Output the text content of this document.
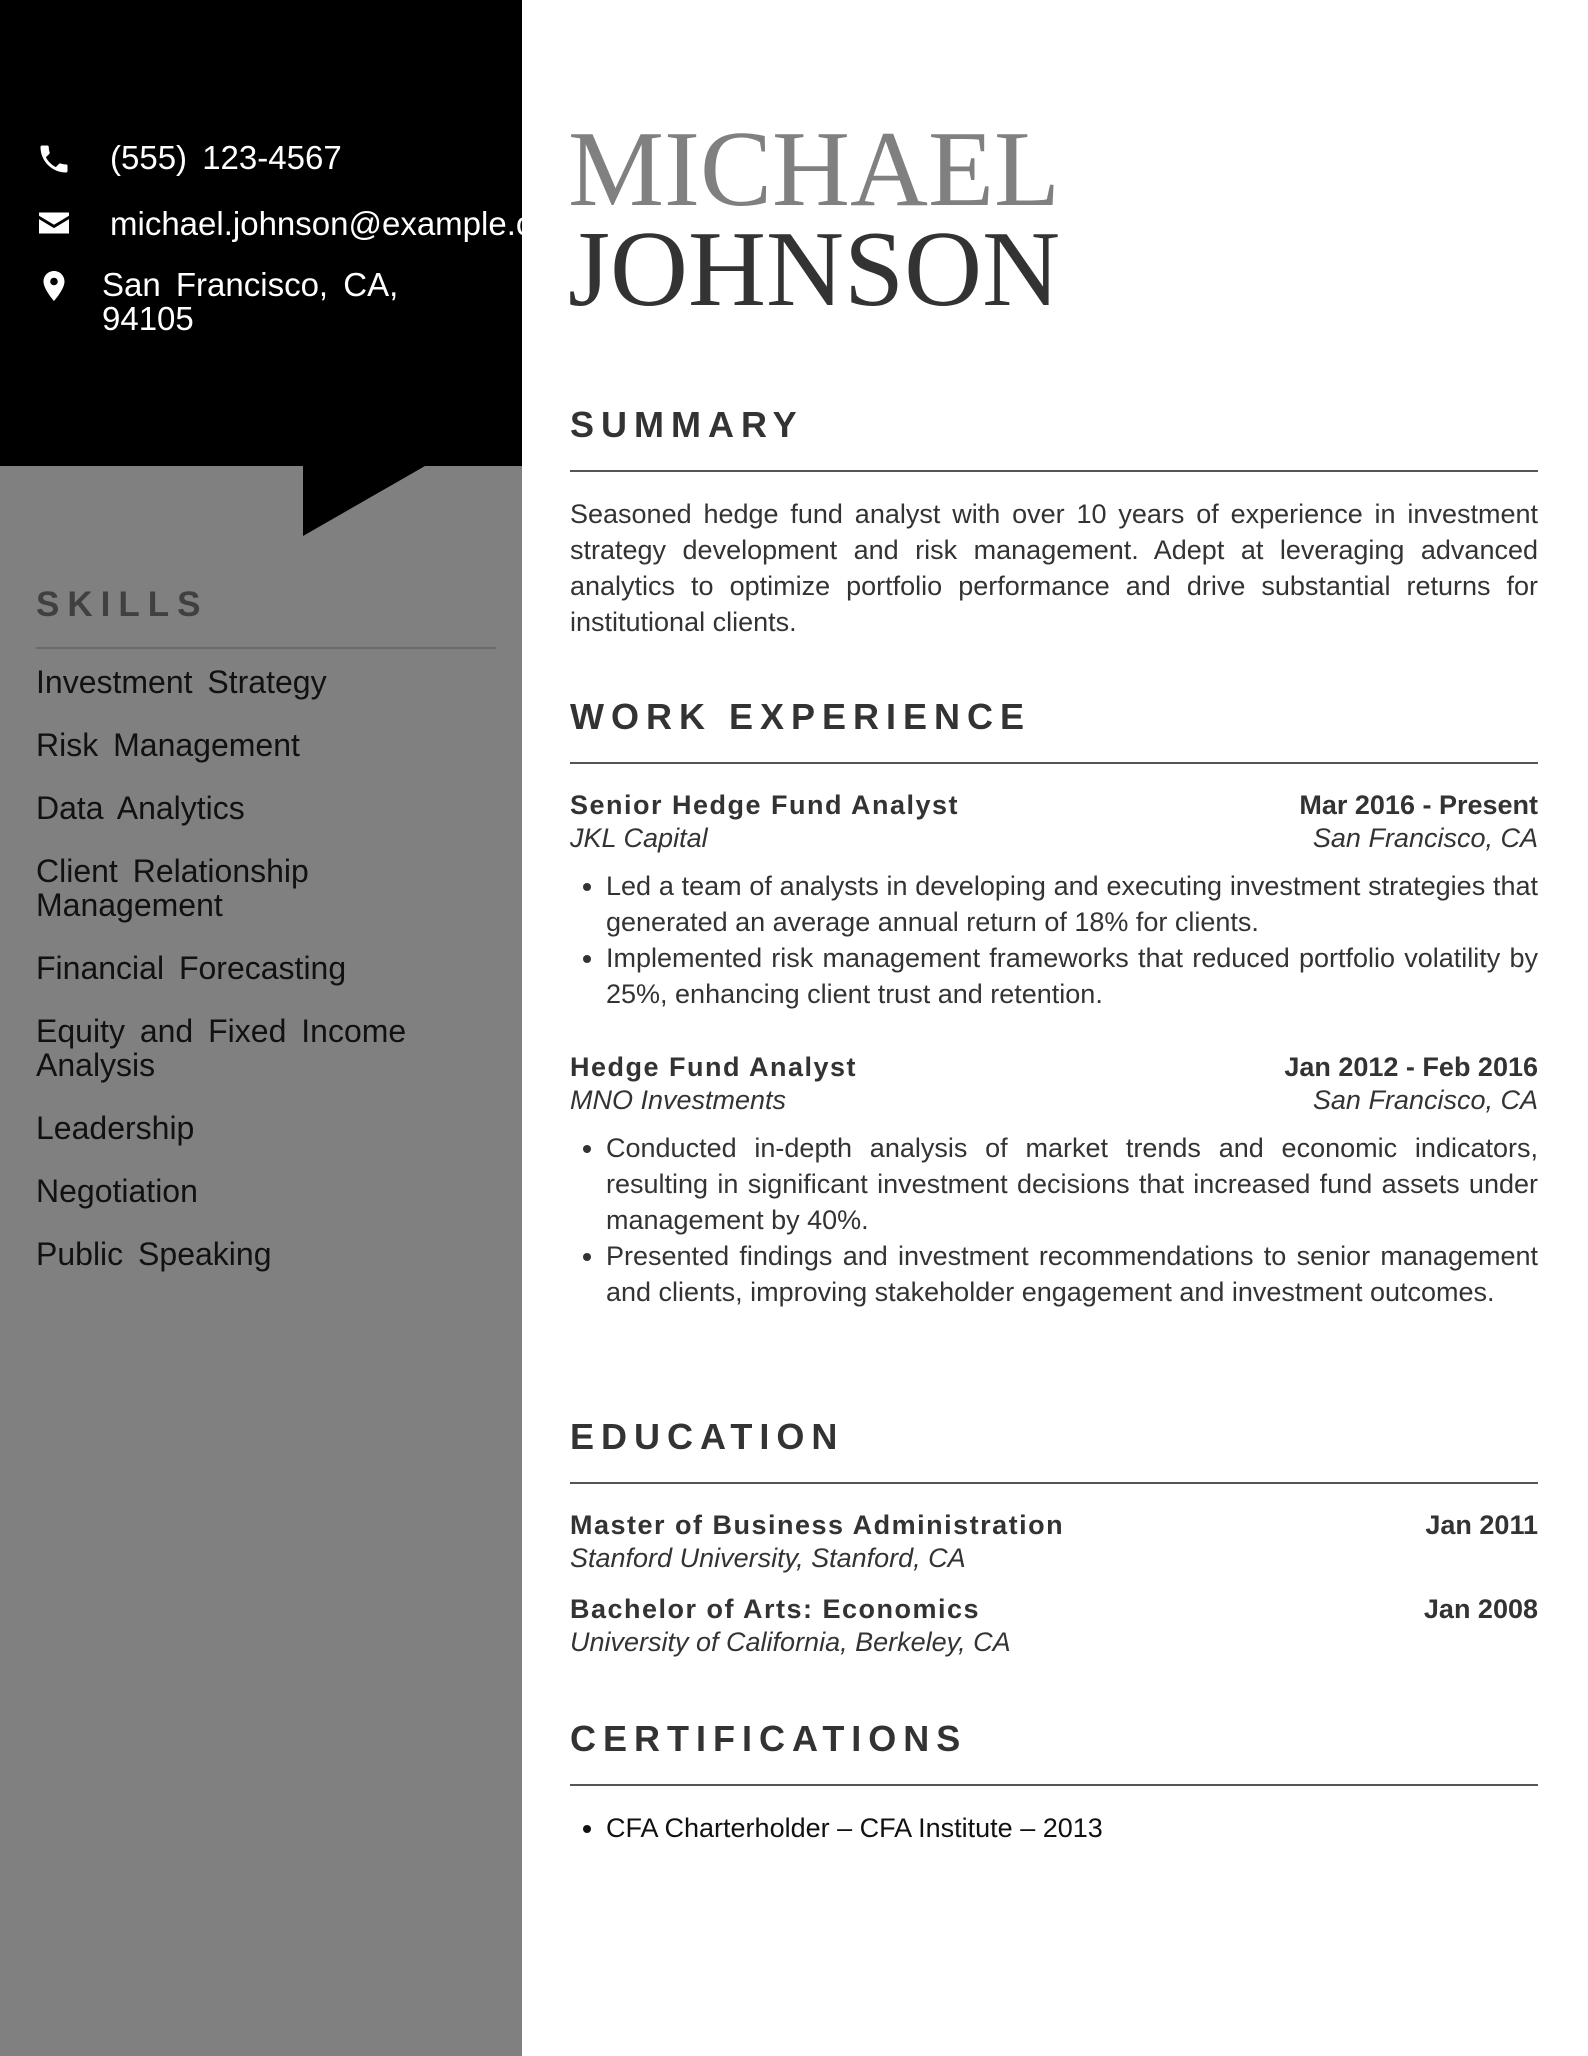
(555) 123-4567
michael.johnson@example.com
San Francisco, CA,
94105
SKILLS
Investment Strategy
Risk Management
Data Analytics
Client Relationship Management
Financial Forecasting
Equity and Fixed Income Analysis
Leadership
Negotiation
Public Speaking
MICHAEL
JOHNSON
SUMMARY

Seasoned hedge fund analyst with over 10 years of experience in investment strategy development and risk management. Adept at leveraging advanced analytics to optimize portfolio performance and drive substantial returns for institutional clients.

WORK EXPERIENCE
Senior Hedge Fund Analyst	Mar 2016 - Present
JKL Capital	San Francisco, CA
• Led a team of analysts in developing and executing investment strategies that generated an average annual return of 18% for clients.
• Implemented risk management frameworks that reduced portfolio volatility by 25%, enhancing client trust and retention.
Hedge Fund Analyst	Jan 2012 - Feb 2016
MNO Investments	San Francisco, CA
• Conducted in-depth analysis of market trends and economic indicators, resulting in significant investment decisions that increased fund assets under management by 40%.
• Presented findings and investment recommendations to senior management and clients, improving stakeholder engagement and investment outcomes.
EDUCATION
Master of Business Administration	Jan 2011
Stanford University, Stanford, CA
Bachelor of Arts: Economics	Jan 2008
University of California, Berkeley, CA
CERTIFICATIONS
• CFA Charterholder – CFA Institute – 2013
